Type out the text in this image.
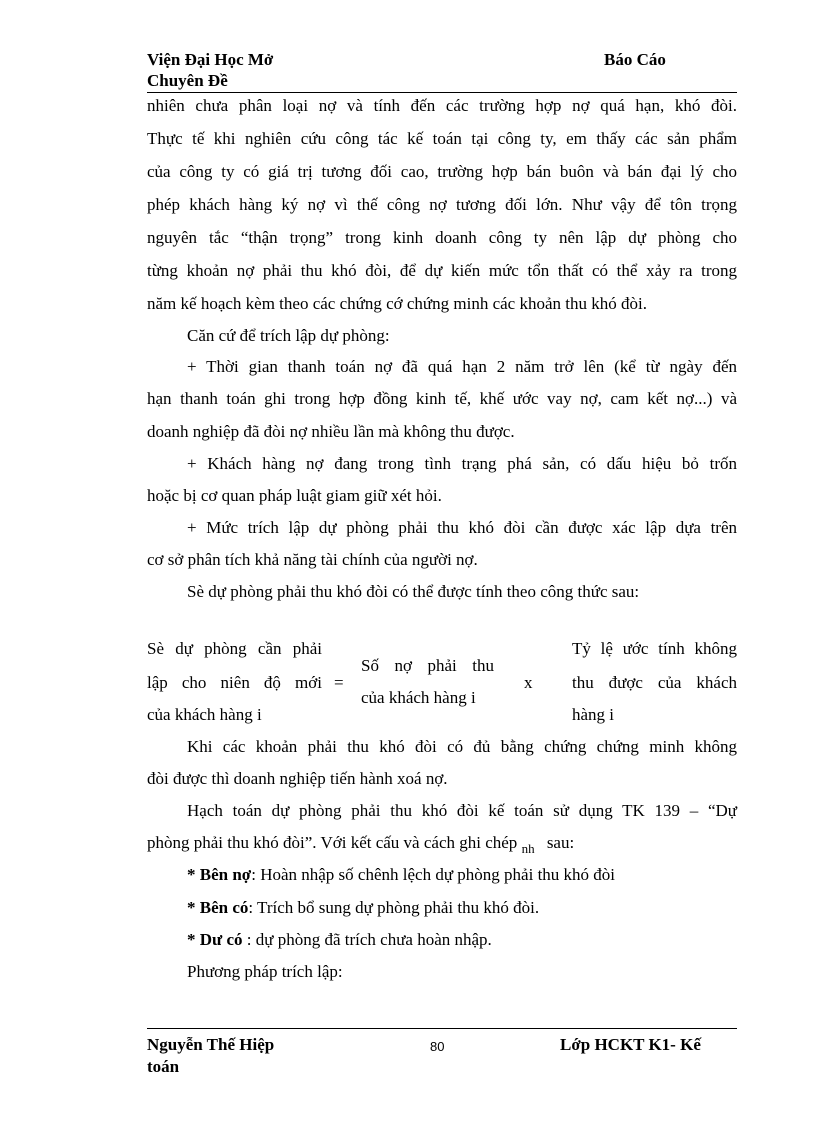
Viện Đại Học Mở
Chuyên Đề
Báo Cáo
nhiên chưa phân loại nợ và tính đến các trường hợp nợ quá hạn, khó đòi.
Thực tế khi nghiên cứu công tác kế toán tại công ty, em thấy các sản phẩm
của công ty có giá trị tương đối cao, trường hợp bán buôn và bán đại lý cho
phép khách hàng ký nợ vì thế công nợ tương đối lớn. Như vậy để tôn trọng
nguyên tắc “thận trọng” trong kinh doanh công ty nên lập dự phòng cho
từng khoản nợ phải thu khó đòi, để dự kiến mức tổn thất có thể xảy ra trong
năm kế hoạch kèm theo các chứng cớ chứng minh các khoản thu khó đòi.
Căn cứ để trích lập dự phòng:
+ Thời gian thanh toán nợ đã quá hạn 2 năm trở lên (kể từ ngày đến
hạn thanh toán ghi trong hợp đồng kinh tế, khế ước vay nợ, cam kết nợ...) và
doanh nghiệp đã đòi nợ nhiều lần mà không thu được.
+ Khách hàng nợ đang trong tình trạng phá sản, có dấu hiệu bỏ trốn
hoặc bị cơ quan pháp luật giam giữ xét hỏi.
+ Mức trích lập dự phòng phải thu khó đòi cần được xác lập dựa trên
cơ sở phân tích khả năng tài chính của người nợ.
Sè dự phòng phải thu khó đòi có thể được tính theo công thức sau:
Sè dự phòng cần phải
lập cho niên độ mới
của khách hàng i
=
Số nợ phải thu
của khách hàng i
x
Tỷ lệ ước tính không
thu được của khách
hàng i
Khi các khoản phải thu khó đòi có đủ bằng chứng chứng minh không
đòi được thì doanh nghiệp tiến hành xoá nợ.
Hạch toán dự phòng phải thu khó đòi kế toán sử dụng TK 139 – “Dự
phòng phải thu khó đòi”. Với kết cấu và cách ghi chép $_{nh}$ sau:
* Bên nợ: Hoàn nhập số chênh lệch dự phòng phải thu khó đòi
* Bên có: Trích bổ sung dự phòng phải thu khó đòi.
* Dư có : dự phòng đã trích chưa hoàn nhập.
Phương pháp trích lập:
Nguyễn Thế Hiệp
toán
80	Lớp HCKT K1- Kế
